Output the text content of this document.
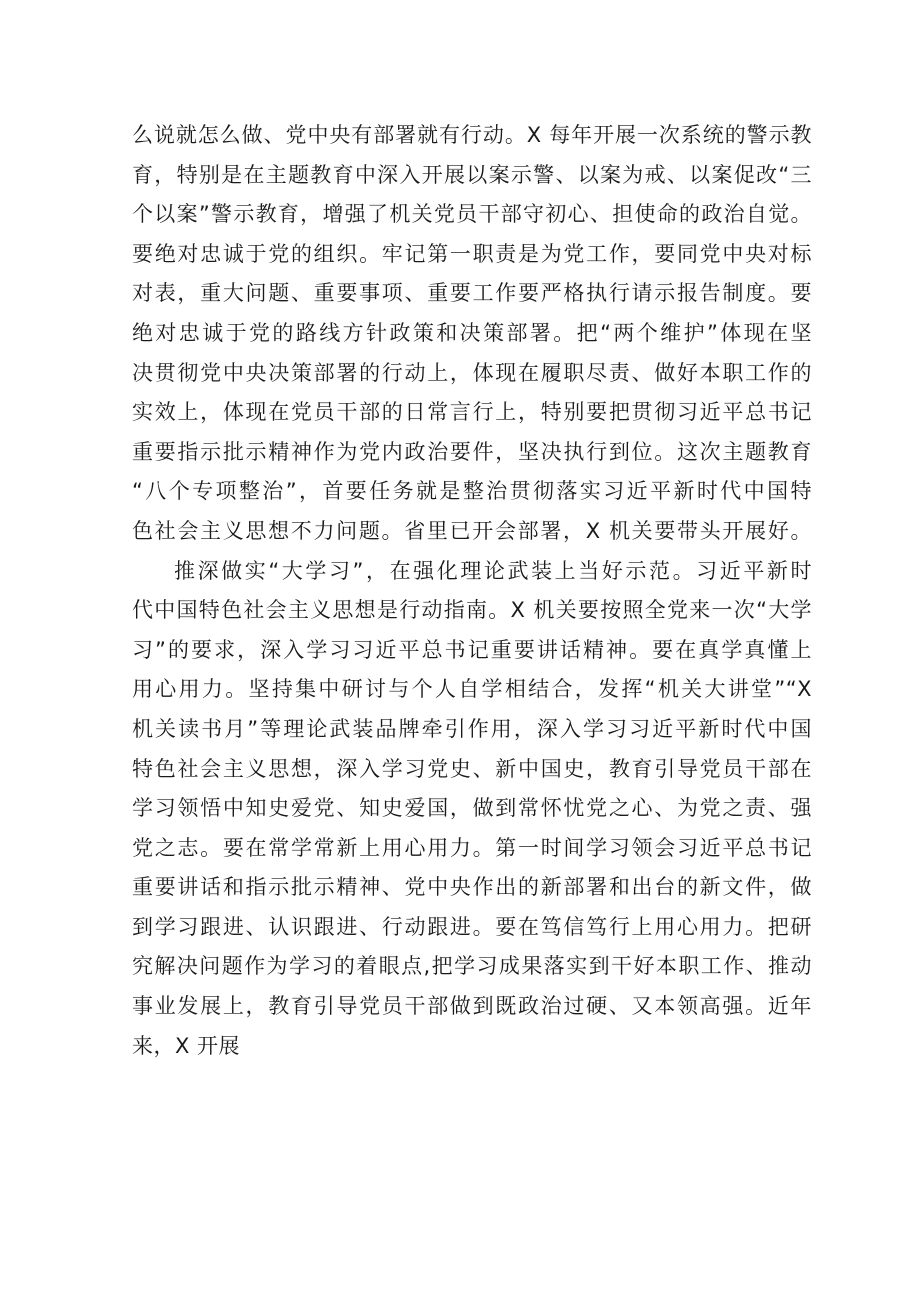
么说就怎么做、党中央有部署就有行动。X 每年开展一次系统的警示教
育，特别是在主题教育中深入开展以案示警、以案为戒、以案促改“三
个以案”警示教育，增强了机关党员干部守初心、担使命的政治自觉。
要绝对忠诚于党的组织。牢记第一职责是为党工作，要同党中央对标
对表，重大问题、重要事项、重要工作要严格执行请示报告制度。要
绝对忠诚于党的路线方针政策和决策部署。把“两个维护”体现在坚
决贯彻党中央决策部署的行动上，体现在履职尽责、做好本职工作的
实效上，体现在党员干部的日常言行上，特别要把贯彻习近平总书记
重要指示批示精神作为党内政治要件，坚决执行到位。这次主题教育
“八个专项整治”，首要任务就是整治贯彻落实习近平新时代中国特
色社会主义思想不力问题。省里已开会部署，X 机关要带头开展好。
推深做实“大学习”，在强化理论武装上当好示范。习近平新时
代中国特色社会主义思想是行动指南。X 机关要按照全党来一次“大学
习”的要求，深入学习习近平总书记重要讲话精神。要在真学真懂上
用心用力。坚持集中研讨与个人自学相结合，发挥“机关大讲堂”“X
机关读书月”等理论武装品牌牵引作用，深入学习习近平新时代中国
特色社会主义思想，深入学习党史、新中国史，教育引导党员干部在
学习领悟中知史爱党、知史爱国，做到常怀忧党之心、为党之责、强
党之志。要在常学常新上用心用力。第一时间学习领会习近平总书记
重要讲话和指示批示精神、党中央作出的新部署和出台的新文件，做
到学习跟进、认识跟进、行动跟进。要在笃信笃行上用心用力。把研
究解决问题作为学习的着眼点,把学习成果落实到干好本职工作、推动
事业发展上，教育引导党员干部做到既政治过硬、又本领高强。近年
来，X 开展
